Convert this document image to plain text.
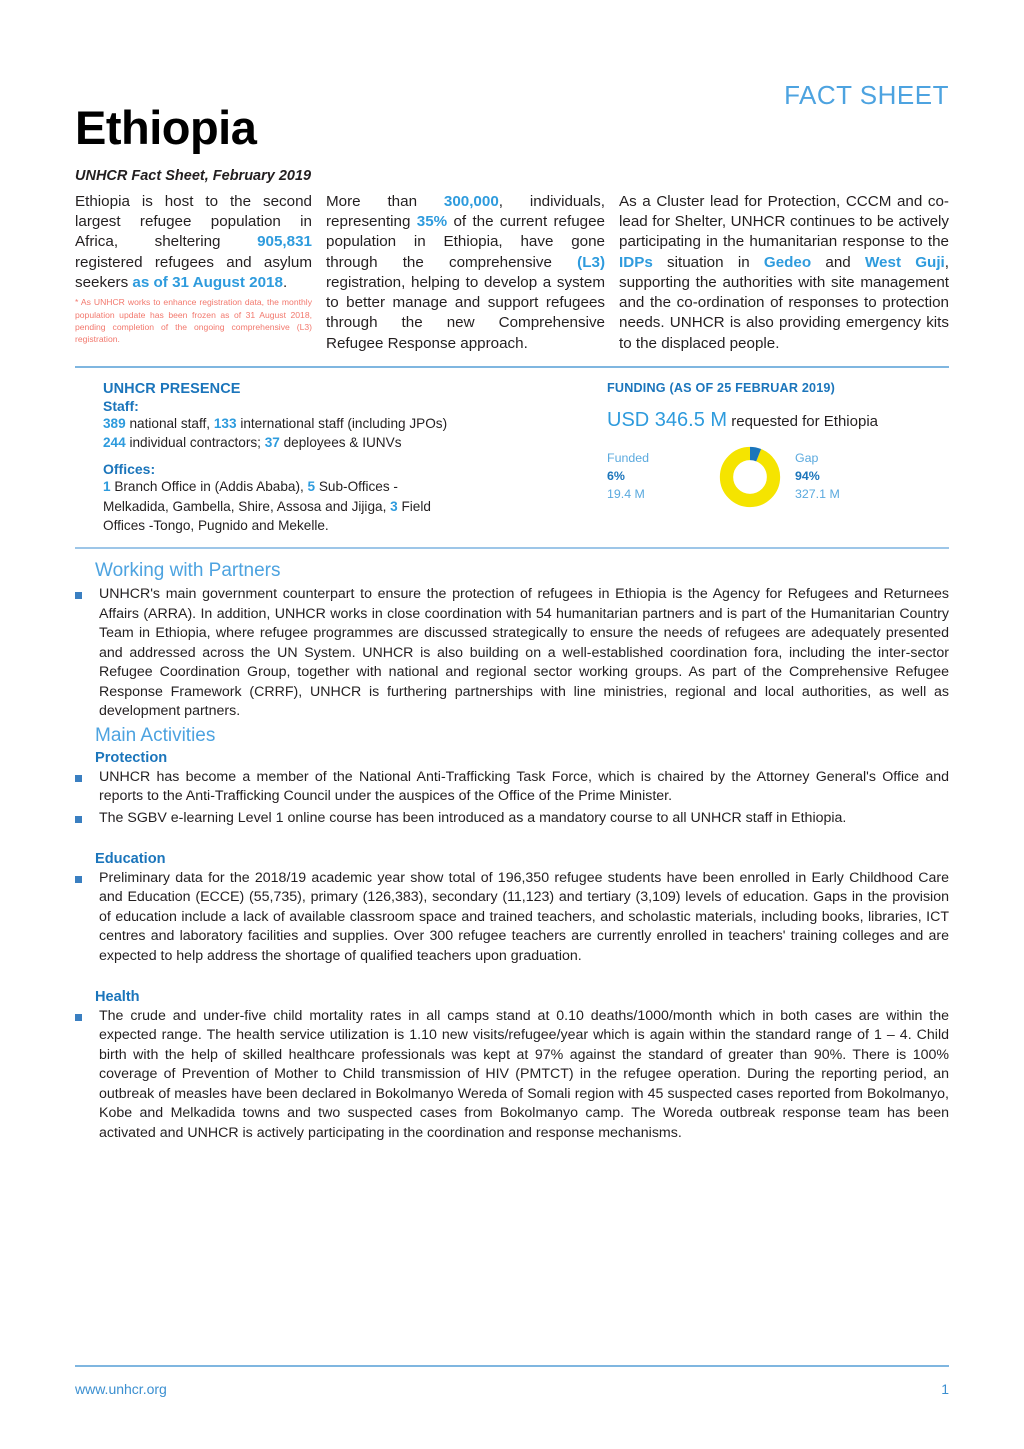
FACT SHEET
Ethiopia
UNHCR Fact Sheet, February 2019
Ethiopia is host to the second largest refugee population in Africa, sheltering 905,831 registered refugees and asylum seekers as of 31 August 2018.
* As UNHCR works to enhance registration data, the monthly population update has been frozen as of 31 August 2018, pending completion of the ongoing comprehensive (L3) registration.
More than 300,000, individuals, representing 35% of the current refugee population in Ethiopia, have gone through the comprehensive (L3) registration, helping to develop a system to better manage and support refugees through the new Comprehensive Refugee Response approach.
As a Cluster lead for Protection, CCCM and co-lead for Shelter, UNHCR continues to be actively participating in the humanitarian response to the IDPs situation in Gedeo and West Guji, supporting the authorities with site management and the co-ordination of responses to protection needs. UNHCR is also providing emergency kits to the displaced people.
UNHCR PRESENCE
Staff:
389 national staff, 133 international staff (including JPOs)
244 individual contractors; 37 deployees & IUNVs
Offices:
1 Branch Office in (Addis Ababa), 5 Sub-Offices -
Melkadida, Gambella, Shire, Assosa and Jijiga, 3 Field
Offices -Tongo, Pugnido and Mekelle.
FUNDING (AS OF 25 FEBRUAR 2019)
USD 346.5 M requested for Ethiopia
Funded
6%
19.4 M
Gap
94%
327.1 M
Working with Partners
UNHCR's main government counterpart to ensure the protection of refugees in Ethiopia is the Agency for Refugees and Returnees Affairs (ARRA). In addition, UNHCR works in close coordination with 54 humanitarian partners and is part of the Humanitarian Country Team in Ethiopia, where refugee programmes are discussed strategically to ensure the needs of refugees are adequately presented and addressed across the UN System. UNHCR is also building on a well-established coordination fora, including the inter-sector Refugee Coordination Group, together with national and regional sector working groups. As part of the Comprehensive Refugee Response Framework (CRRF), UNHCR is furthering partnerships with line ministries, regional and local authorities, as well as development partners.
Main Activities
Protection
UNHCR has become a member of the National Anti-Trafficking Task Force, which is chaired by the Attorney General's Office and reports to the Anti-Trafficking Council under the auspices of the Office of the Prime Minister.
The SGBV e-learning Level 1 online course has been introduced as a mandatory course to all UNHCR staff in Ethiopia.
Education
Preliminary data for the 2018/19 academic year show total of 196,350 refugee students have been enrolled in Early Childhood Care and Education (ECCE) (55,735), primary (126,383), secondary (11,123) and tertiary (3,109) levels of education. Gaps in the provision of education include a lack of available classroom space and trained teachers, and scholastic materials, including books, libraries, ICT centres and laboratory facilities and supplies. Over 300 refugee teachers are currently enrolled in teachers' training colleges and are expected to help address the shortage of qualified teachers upon graduation.
Health
The crude and under-five child mortality rates in all camps stand at 0.10 deaths/1000/month which in both cases are within the expected range. The health service utilization is 1.10 new visits/refugee/year which is again within the standard range of 1 – 4. Child birth with the help of skilled healthcare professionals was kept at 97% against the standard of greater than 90%. There is 100% coverage of Prevention of Mother to Child transmission of HIV (PMTCT) in the refugee operation. During the reporting period, an outbreak of measles have been declared in Bokolmanyo Wereda of Somali region with 45 suspected cases reported from Bokolmanyo, Kobe and Melkadida towns and two suspected cases from Bokolmanyo camp. The Woreda outbreak response team has been activated and UNHCR is actively participating in the coordination and response mechanisms.
www.unhcr.org	1
